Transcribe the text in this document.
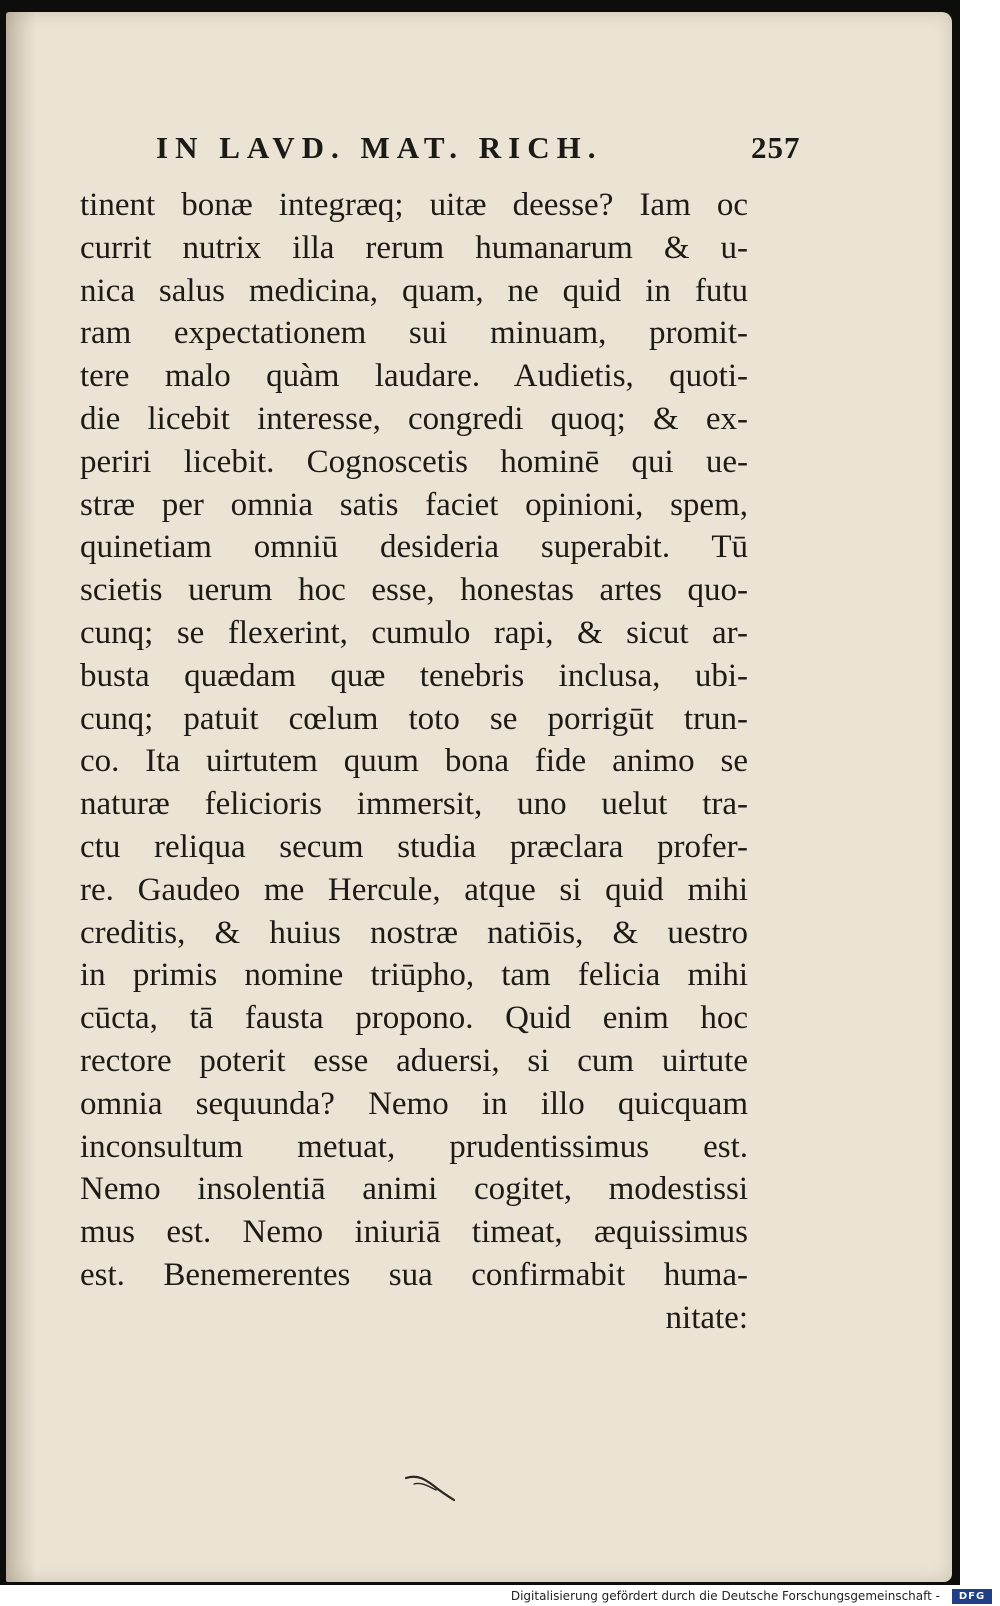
IN LAVD. MAT. RICH.	257
tinent bonæ integræq; uitæ deesse? Iam oc
currit nutrix illa rerum humanarum & u-
nica salus medicina, quam, ne quid in futu
ram expectationem sui minuam, promit-
tere malo quàm laudare. Audietis, quoti-
die licebit interesse, congredi quoq; & ex-
periri licebit. Cognoscetis hominē qui ue-
stræ per omnia satis faciet opinioni, spem,
quinetiam omniū desideria superabit. Tū
scietis uerum hoc esse, honestas artes quo-
cunq; se flexerint, cumulo rapi, & sicut ar-
busta quædam quæ tenebris inclusa, ubi-
cunq; patuit cœlum toto se porrigūt trun-
co. Ita uirtutem quum bona fide animo se
naturæ felicioris immersit, uno uelut tra-
ctu reliqua secum studia præclara profer-
re. Gaudeo me Hercule, atque si quid mihi
creditis, & huius nostræ natiōis, & uestro
in primis nomine triūpho, tam felicia mihi
cūcta, tā fausta propono. Quid enim hoc
rectore poterit esse aduersi, si cum uirtute
omnia sequunda? Nemo in illo quicquam
inconsultum metuat, prudentissimus est.
Nemo insolentiā animi cogitet, modestissi
mus est. Nemo iniuriā timeat, æquissimus
est. Benemerentes sua confirmabit huma-
nitate:
Digitalisierung gefördert durch die Deutsche Forschungsgemeinschaft -	DFG
